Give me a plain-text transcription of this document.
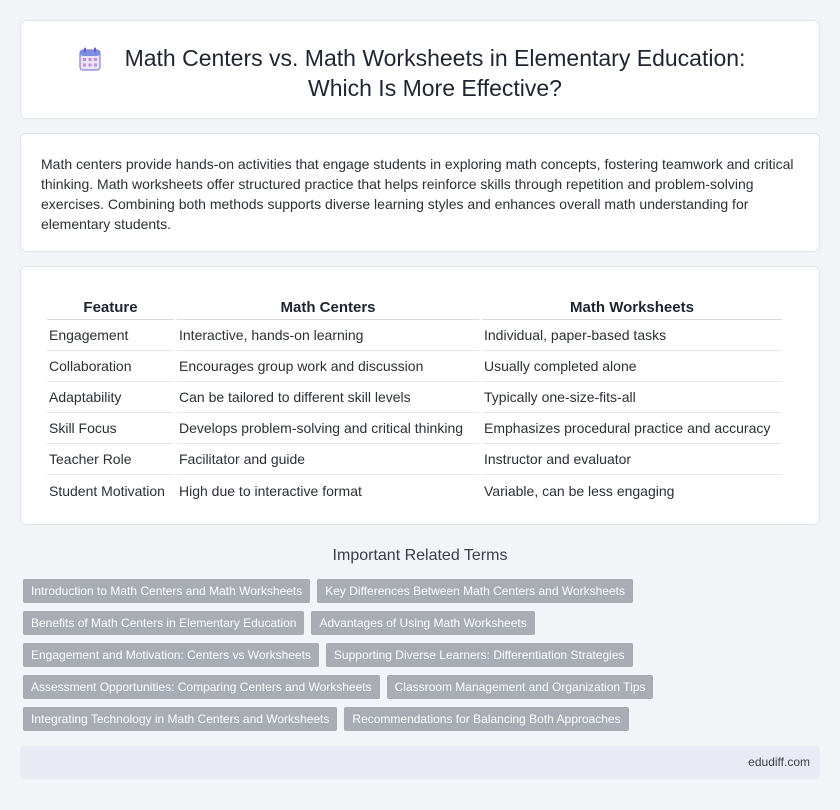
Math Centers vs. Math Worksheets in Elementary Education: Which Is More Effective?

Math centers provide hands-on activities that engage students in exploring math concepts, fostering teamwork and critical thinking. Math worksheets offer structured practice that helps reinforce skills through repetition and problem-solving exercises. Combining both methods supports diverse learning styles and enhances overall math understanding for elementary students.

Feature	Math Centers	Math Worksheets
Engagement	Interactive, hands-on learning	Individual, paper-based tasks
Collaboration	Encourages group work and discussion	Usually completed alone
Adaptability	Can be tailored to different skill levels	Typically one-size-fits-all
Skill Focus	Develops problem-solving and critical thinking	Emphasizes procedural practice and accuracy
Teacher Role	Facilitator and guide	Instructor and evaluator
Student Motivation	High due to interactive format	Variable, can be less engaging
Important Related Terms
Introduction to Math Centers and Math Worksheets	Key Differences Between Math Centers and Worksheets
Benefits of Math Centers in Elementary Education	Advantages of Using Math Worksheets
Engagement and Motivation: Centers vs Worksheets	Supporting Diverse Learners: Differentiation Strategies
Assessment Opportunities: Comparing Centers and Worksheets	Classroom Management and Organization Tips
Integrating Technology in Math Centers and Worksheets	Recommendations for Balancing Both Approaches
edudiff.com
